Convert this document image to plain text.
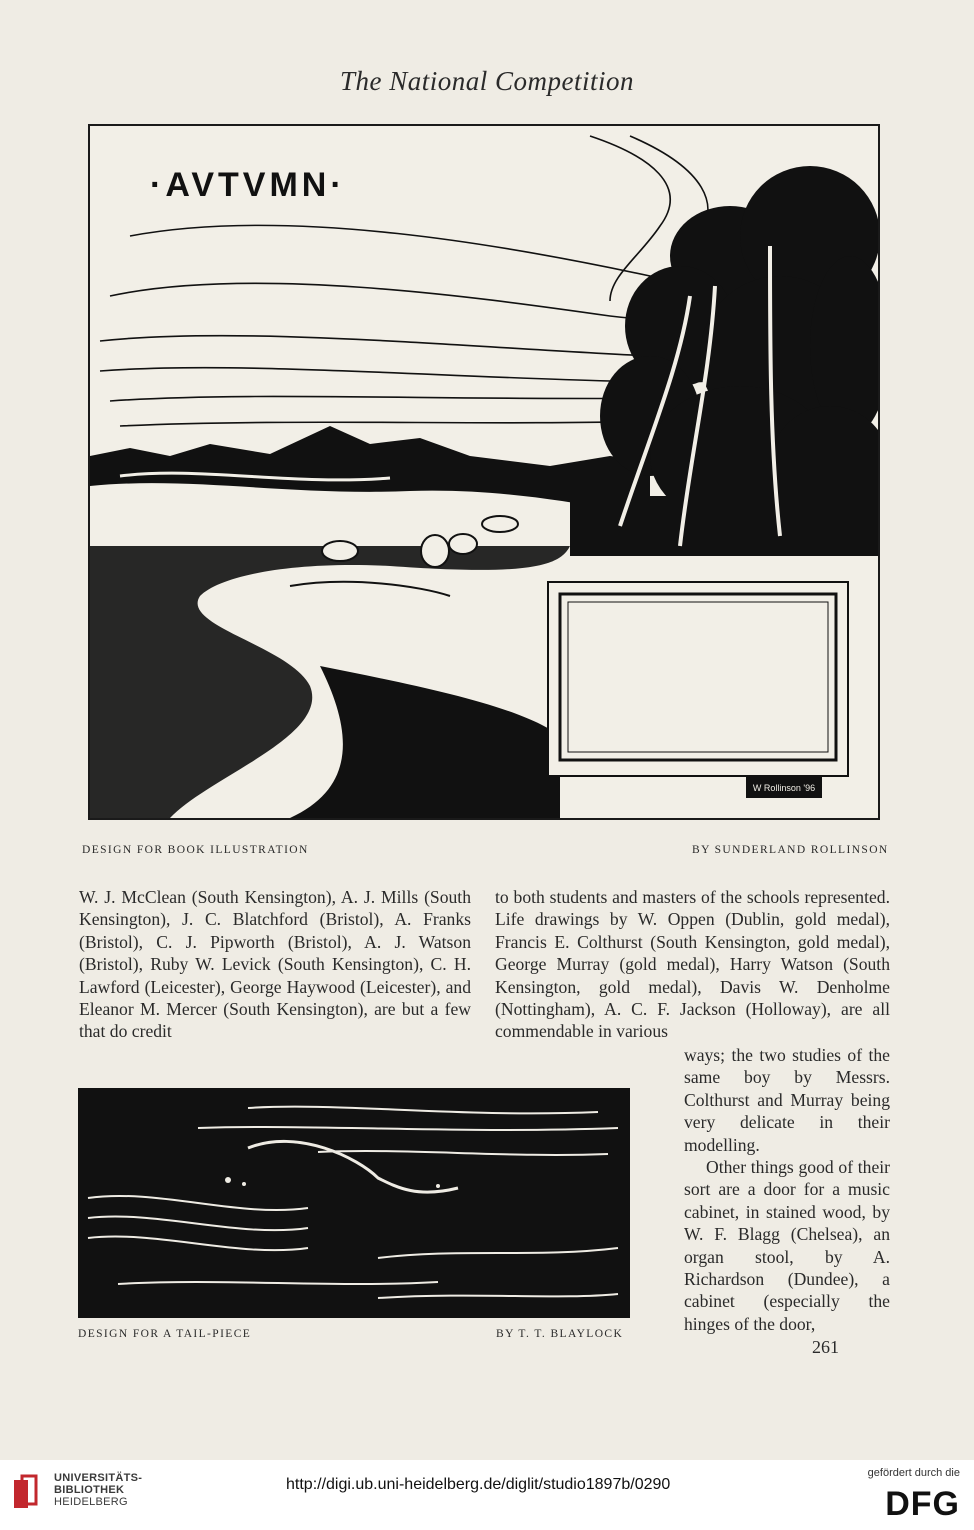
The National Competition
W Rollinson '96
·AVTVMN·
DESIGN FOR BOOK ILLUSTRATION	BY SUNDERLAND ROLLINSON

W. J. McClean (South Kensington), A. J. Mills (South Kensington), J. C. Blatchford (Bristol), A. Franks (Bristol), C. J. Pipworth (Bristol), A. J. Watson (Bristol), Ruby W. Levick (South Kensington), C. H. Lawford (Leicester), George Haywood (Leicester), and Eleanor M. Mercer (South Kensington), are but a few that do credit

to both students and masters of the schools represented. Life drawings by W. Oppen (Dublin, gold medal), Francis E. Colthurst (South Kensington, gold medal), George Murray (gold medal), Harry Watson (South Kensington, gold medal), Davis W. Denholme (Nottingham), A. C. F. Jackson (Holloway), are all commendable in various

ways; the two studies of the same boy by Messrs. Colthurst and Murray being very delicate in their modelling.

Other things good of their sort are a door for a music cabinet, in stained wood, by W. F. Blagg (Chelsea), an organ stool, by A. Richardson (Dundee), a cabinet (especially the hinges of the door,

DESIGN FOR A TAIL-PIECE	BY T. T. BLAYLOCK
261
UNIVERSITÄTS-
BIBLIOTHEK
HEIDELBERG
http://digi.ub.uni-heidelberg.de/diglit/studio1897b/0290
gefördert durch die
DFG
